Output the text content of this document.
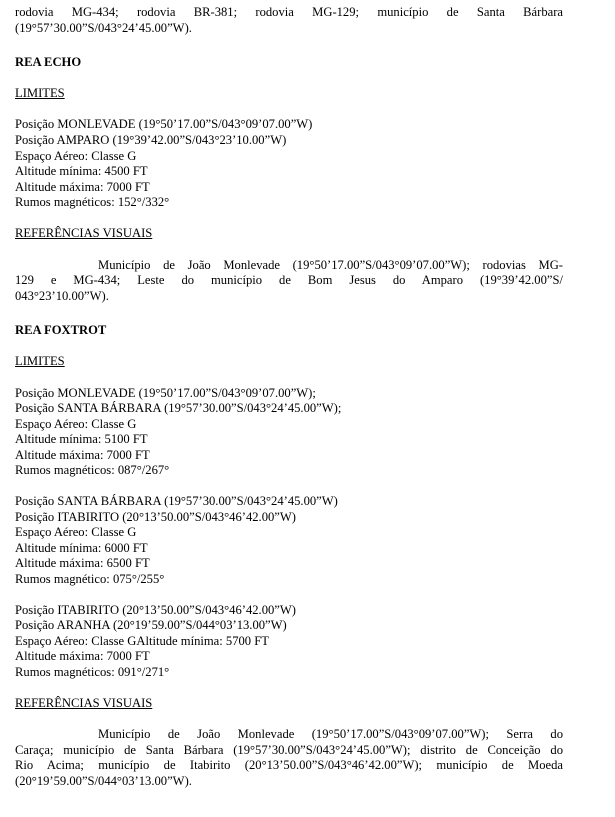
rodovia MG-434; rodovia BR-381; rodovia MG-129; município de Santa Bárbara
(19°57’30.00”S/043°24’45.00”W).
REA ECHO
LIMITES
Posição MONLEVADE (19°50’17.00”S/043°09’07.00”W)
Posição AMPARO (19°39’42.00”S/043°23’10.00”W)
Espaço Aéreo: Classe G
Altitude mínima: 4500 FT
Altitude máxima: 7000 FT
Rumos magnéticos: 152°/332°
REFERÊNCIAS VISUAIS
Município de João Monlevade (19°50’17.00”S/043°09’07.00”W); rodovias MG-
129 e MG-434; Leste do município de Bom Jesus do Amparo (19°39’42.00”S/
043°23’10.00”W).
REA FOXTROT
LIMITES
Posição MONLEVADE (19°50’17.00”S/043°09’07.00”W);
Posição SANTA BÁRBARA (19°57’30.00”S/043°24’45.00”W);
Espaço Aéreo: Classe G
Altitude mínima: 5100 FT
Altitude máxima: 7000 FT
Rumos magnéticos: 087°/267°
Posição SANTA BÁRBARA (19°57’30.00”S/043°24’45.00”W)
Posição ITABIRITO (20°13’50.00”S/043°46’42.00”W)
Espaço Aéreo: Classe G
Altitude mínima: 6000 FT
Altitude máxima: 6500 FT
Rumos magnético: 075°/255°
Posição ITABIRITO (20°13’50.00”S/043°46’42.00”W)
Posição ARANHA (20°19’59.00”S/044°03’13.00”W)
Espaço Aéreo: Classe GAltitude mínima: 5700 FT
Altitude máxima: 7000 FT
Rumos magnéticos: 091°/271°
REFERÊNCIAS VISUAIS
Município de João Monlevade (19°50’17.00”S/043°09’07.00”W); Serra do
Caraça; município de Santa Bárbara (19°57’30.00”S/043°24’45.00”W); distrito de Conceição do
Rio Acima; município de Itabirito (20°13’50.00”S/043°46’42.00”W); município de Moeda
(20°19’59.00”S/044°03’13.00”W).
